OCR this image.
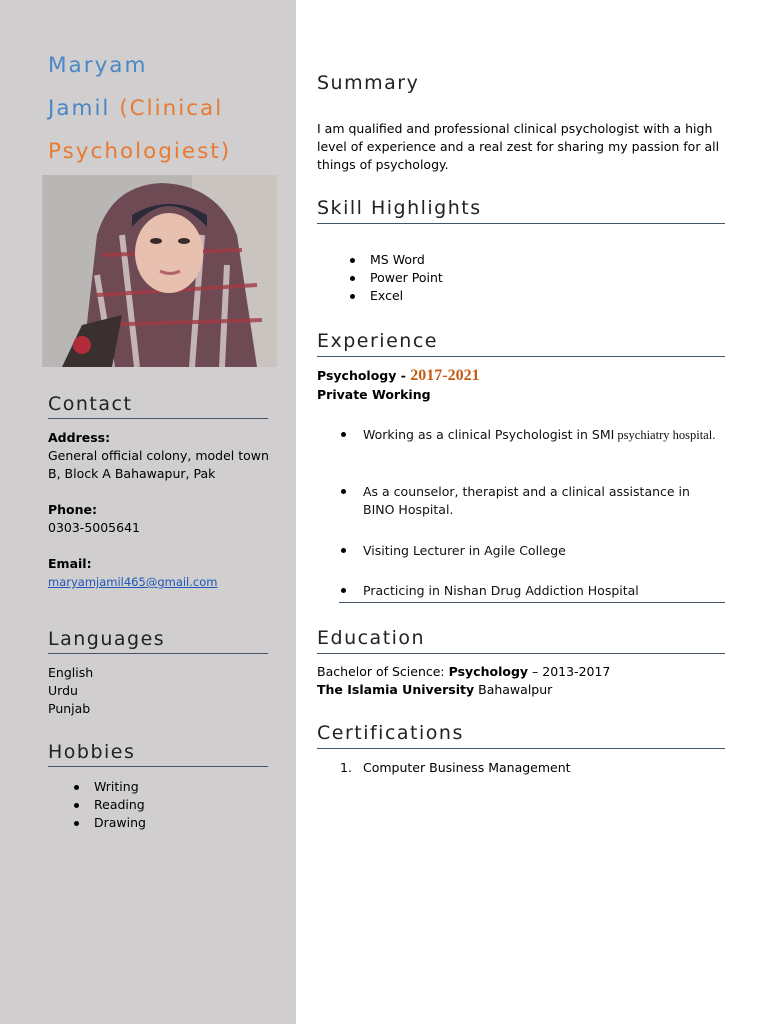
Maryam
Jamil (Clinical Psychologiest)
Contact
Address:
General official colony, model town B, Block A Bahawapur, Pak
Phone:
0303-5005641
Email:
maryamjamil465@gmail.com
Languages
English
Urdu
Punjab
Hobbies
Writing
Reading
Drawing
Summary
I am qualified and professional clinical psychologist with a high level of experience and a real zest for sharing my passion for all things of psychology.
Skill Highlights
MS Word
Power Point
Excel
Experience
Psychology - 2017-2021
Private Working
Working as a clinical Psychologist in SMI psychiatry hospital.
As a counselor, therapist and a clinical assistance in BINO Hospital.
Visiting Lecturer in Agile College
Practicing in Nishan Drug Addiction Hospital
Education
Bachelor of Science: Psychology – 2013-2017
The Islamia University Bahawalpur
Certifications
1. Computer Business Management
